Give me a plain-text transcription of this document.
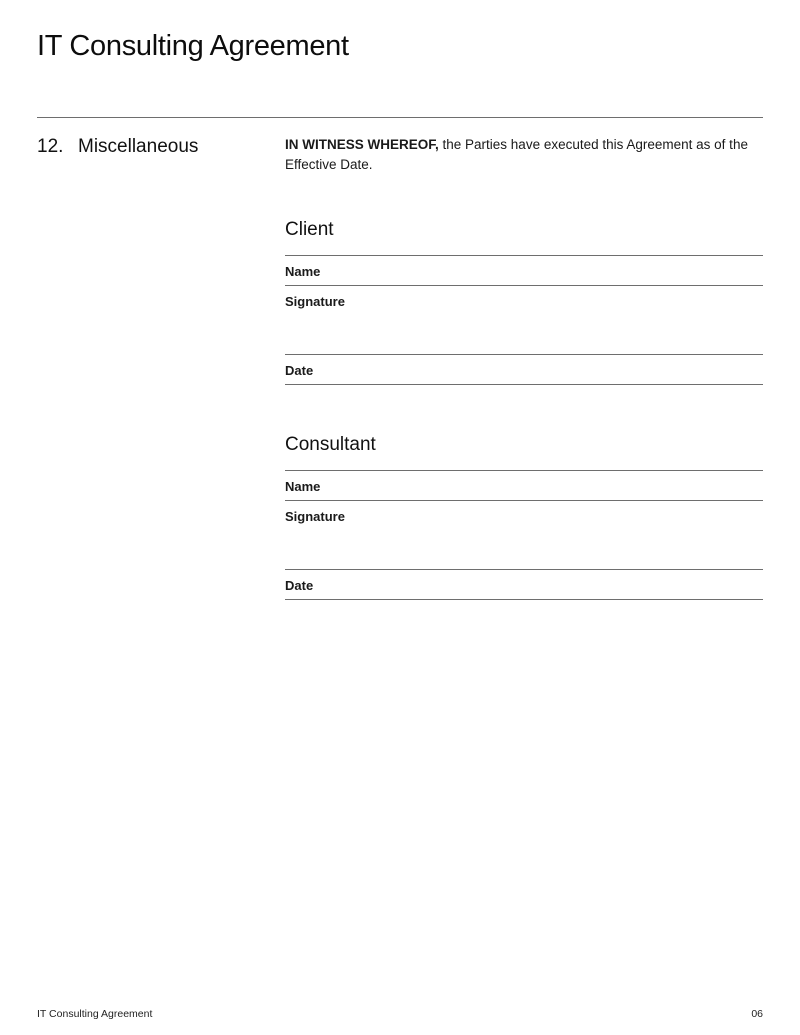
IT Consulting Agreement
12. Miscellaneous	IN WITNESS WHEREOF, the Parties have executed this Agreement as of the Effective Date.

Client
Name
Signature
Date
Consultant
Name
Signature
Date
IT Consulting Agreement	06
